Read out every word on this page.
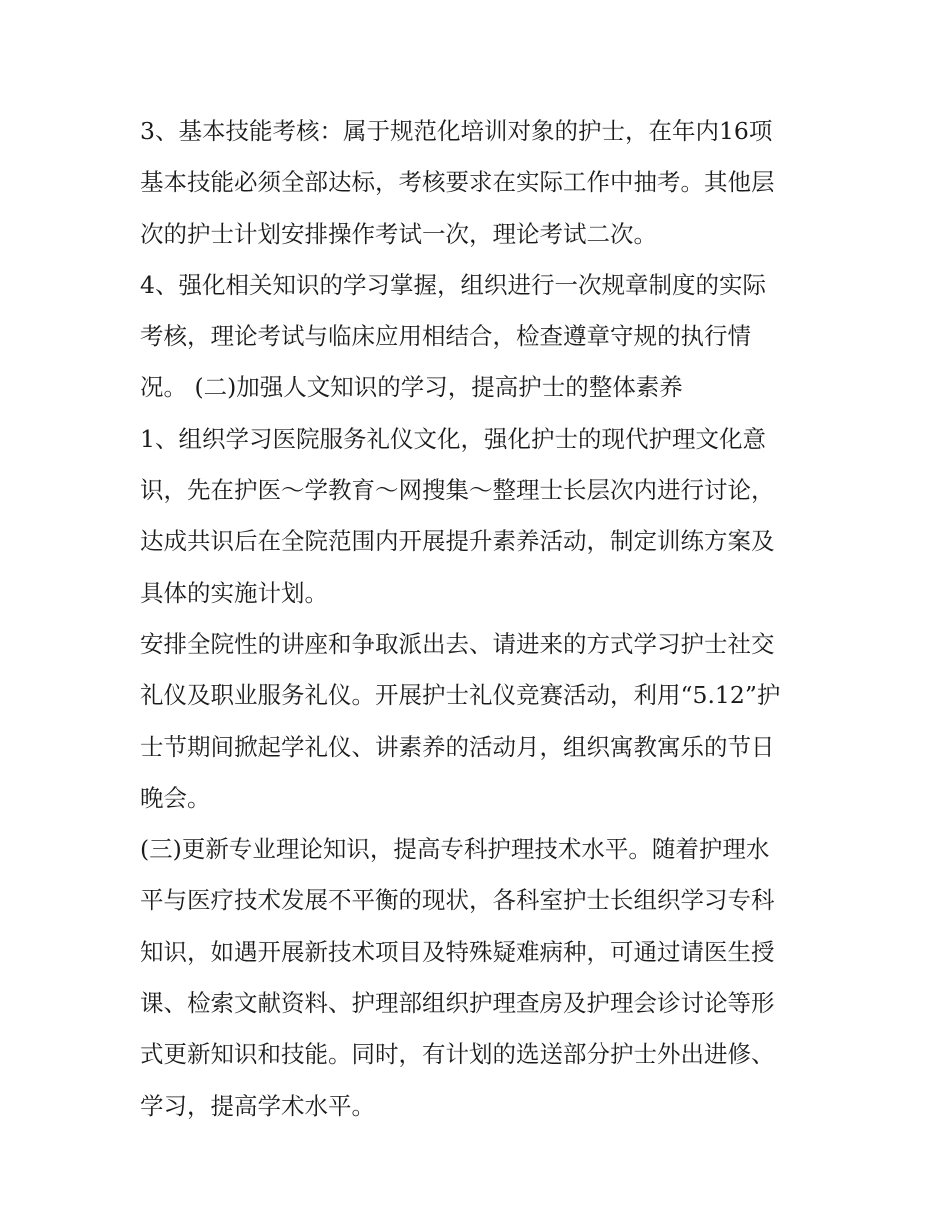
3、基本技能考核：属于规范化培训对象的护士，在年内16项
基本技能必须全部达标，考核要求在实际工作中抽考。其他层
次的护士计划安排操作考试一次，理论考试二次。
4、强化相关知识的学习掌握，组织进行一次规章制度的实际
考核，理论考试与临床应用相结合，检查遵章守规的执行情
况。 (二)加强人文知识的学习，提高护士的整体素养
1、组织学习医院服务礼仪文化，强化护士的现代护理文化意
识，先在护医～学教育～网搜集～整理士长层次内进行讨论，
达成共识后在全院范围内开展提升素养活动，制定训练方案及
具体的实施计划。
安排全院性的讲座和争取派出去、请进来的方式学习护士社交
礼仪及职业服务礼仪。开展护士礼仪竞赛活动，利用“5.12”护
士节期间掀起学礼仪、讲素养的活动月，组织寓教寓乐的节日
晚会。
(三)更新专业理论知识，提高专科护理技术水平。随着护理水
平与医疗技术发展不平衡的现状，各科室护士长组织学习专科
知识，如遇开展新技术项目及特殊疑难病种，可通过请医生授
课、检索文献资料、护理部组织护理查房及护理会诊讨论等形
式更新知识和技能。同时，有计划的选送部分护士外出进修、
学习，提高学术水平。
